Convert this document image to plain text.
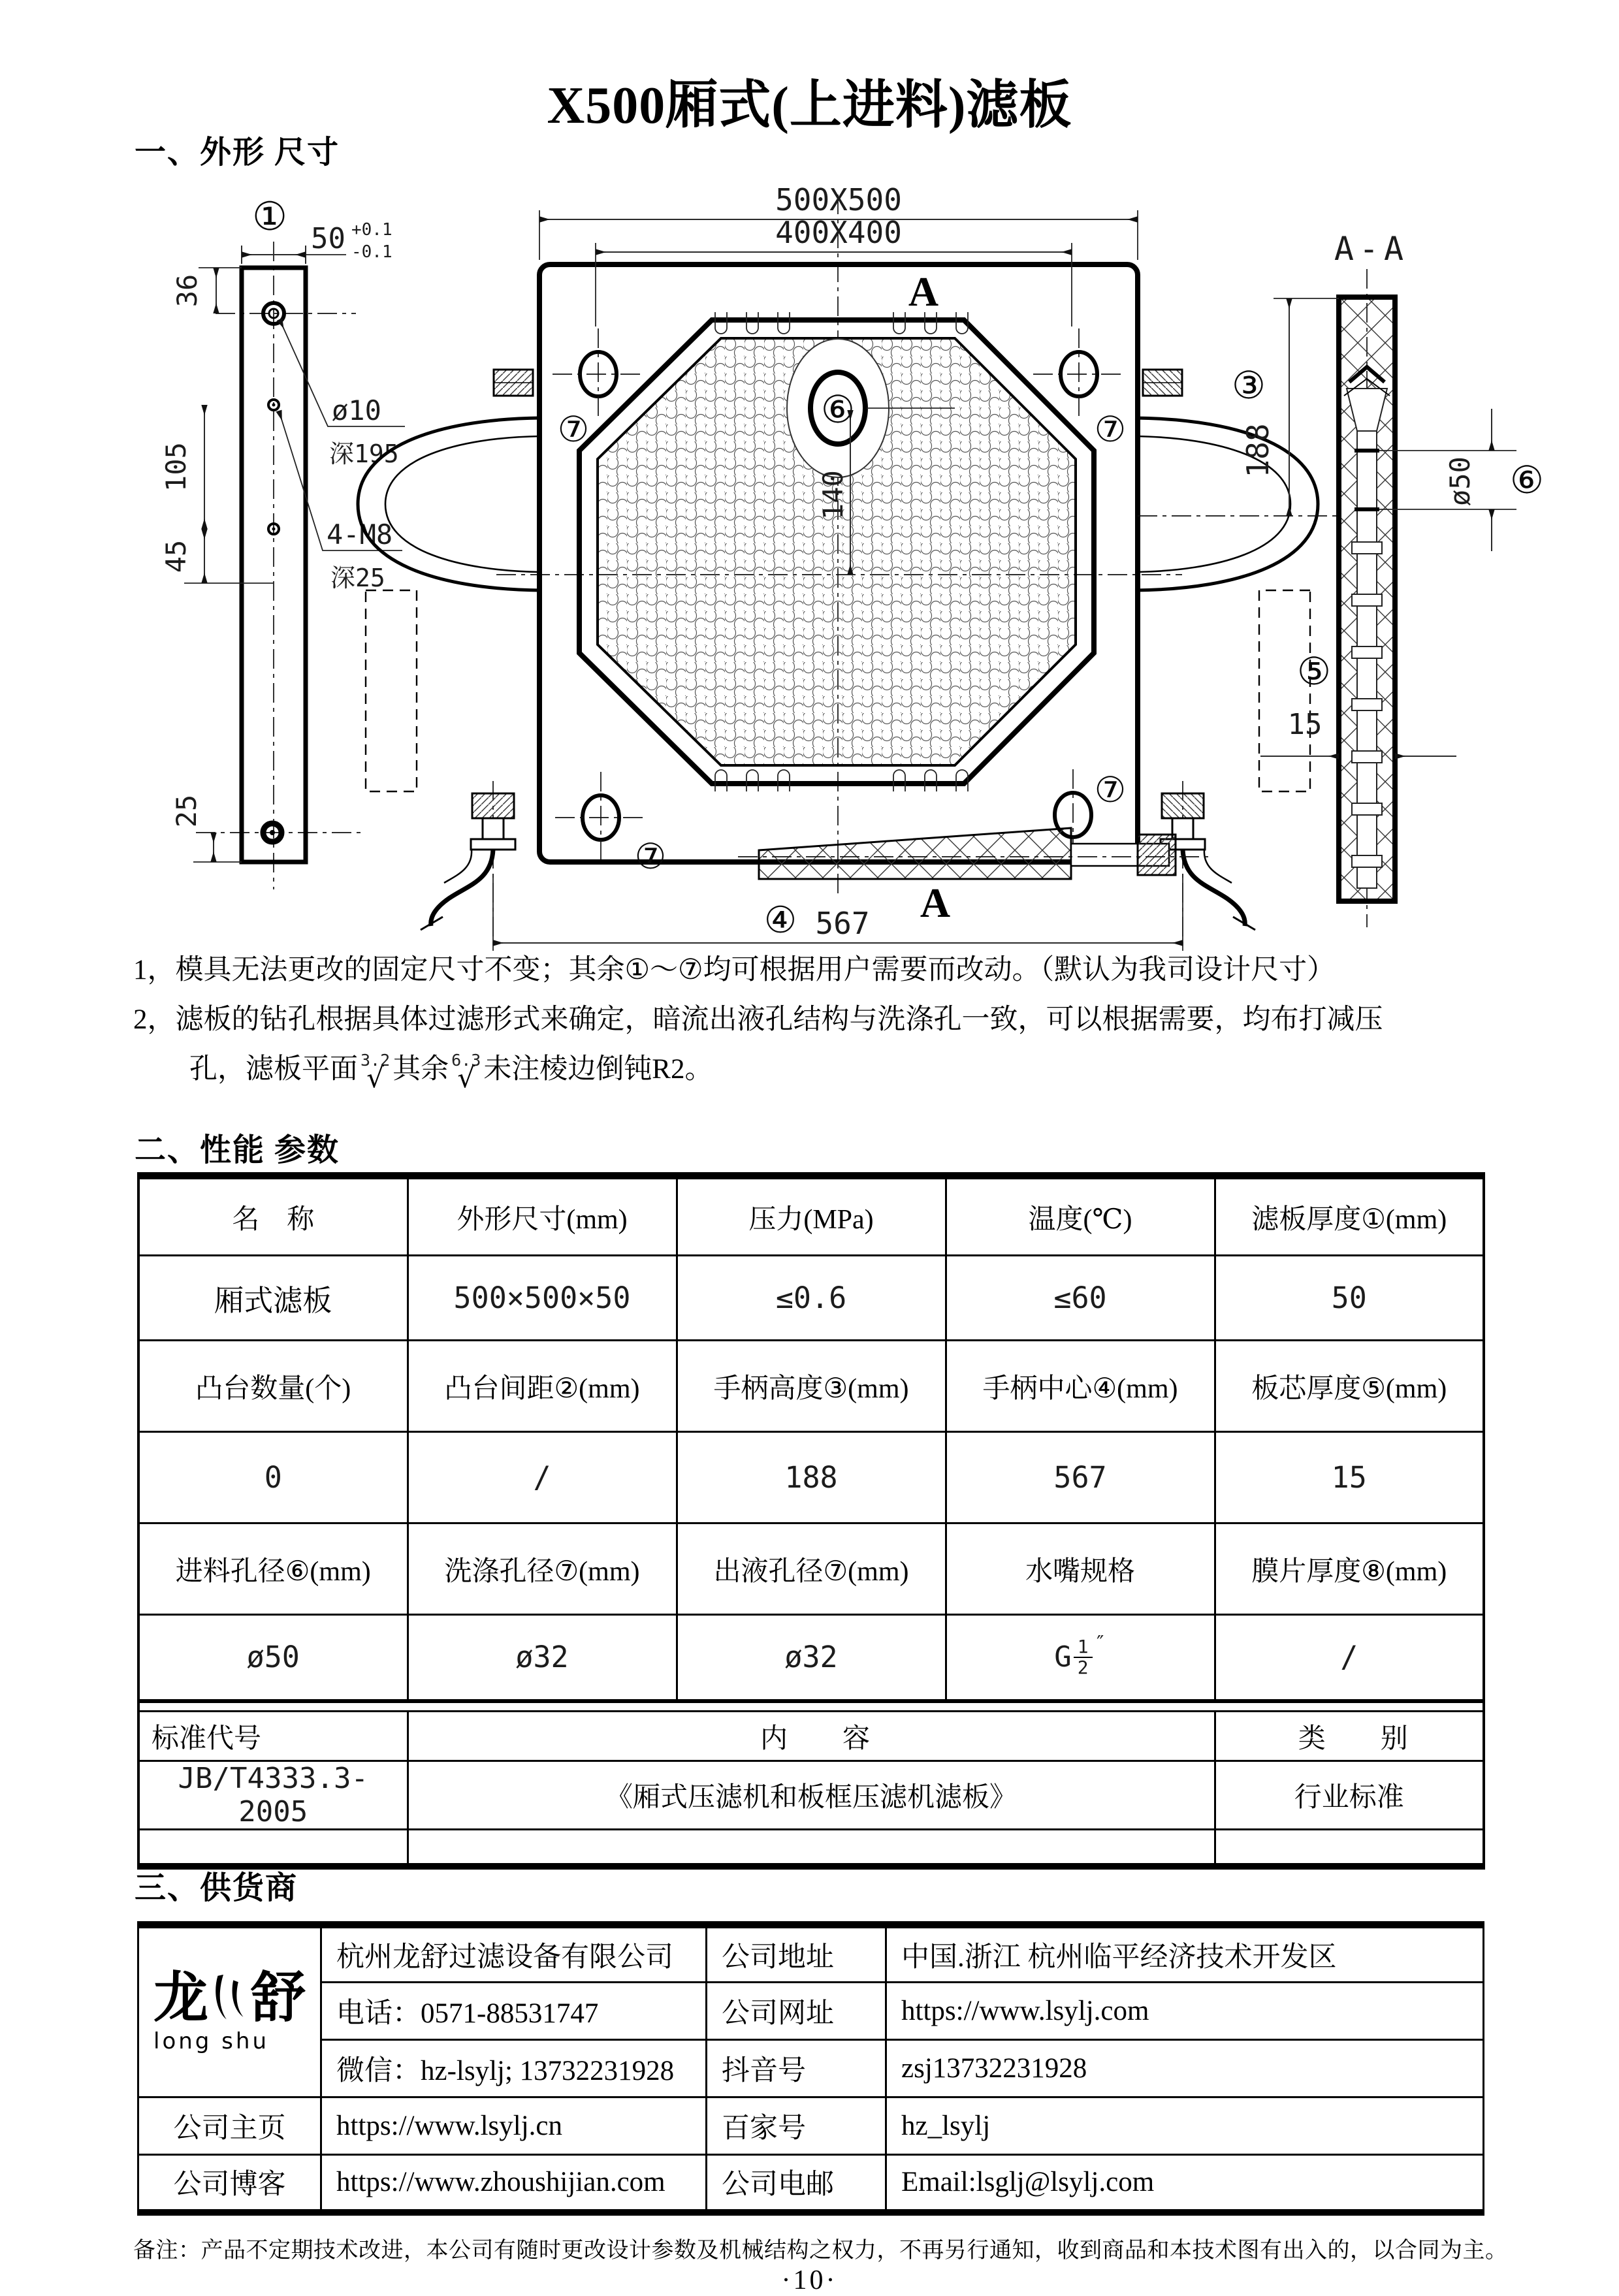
① 50 +0.1
-0.1
36
105
45
25
ø10
深195
4-M8
深25
⑥
⑦	⑦
⑦
⑦
A
A
500X500
400X400
140
④ 567
A-A
③
188
⑤
15
ø50 ⑥
X500厢式(上进料)滤板
一、外形 尺寸
1，模具无法更改的固定尺寸不变；其余①～⑦均可根据用户需要而改动。（默认为我司设计尺寸）
2，滤板的钻孔根据具体过滤形式来确定，暗流出液孔结构与洗涤孔一致，可以根据需要，均布打减压
孔，滤板平面 3.2
√ 其余 6.3
√ 未注棱边倒钝R2。
二、性能 参数
名　称	外形尺寸(mm)	压力(MPa)	温度(℃)	滤板厚度①(mm)
厢式滤板	500×500×50	≤0.6	≤60	50
凸台数量(个)	凸台间距②(mm)	手柄高度③(mm)	手柄中心④(mm)	板芯厚度⑤(mm)
0	/	188	567	15
进料孔径⑥(mm)	洗涤孔径⑦(mm)	出液孔径⑦(mm)	水嘴规格	膜片厚度⑧(mm)
ø50	ø32	ø32	G $\frac{1}{2}$ ″	/

标准代号	内　　容			类　　别
JB/T4333.3-2005	《厢式压滤机和板框压滤机滤板》			行业标准

三、供货商
龙 舒
long shu	杭州龙舒过滤设备有限公司	公司地址	中国.浙江 杭州临平经济技术开发区
	电话：0571-88531747	公司网址	https://www.lsylj.com
	微信：hz-lsylj; 13732231928	抖音号	zsj13732231928
公司主页	https://www.lsylj.cn	百家号	hz_lsylj
公司博客	https://www.zhoushijian.com	公司电邮	Email:lsglj@lsylj.com
备注：产品不定期技术改进，本公司有随时更改设计参数及机械结构之权力，不再另行通知，收到商品和本技术图有出入的，以合同为主。
·10·
